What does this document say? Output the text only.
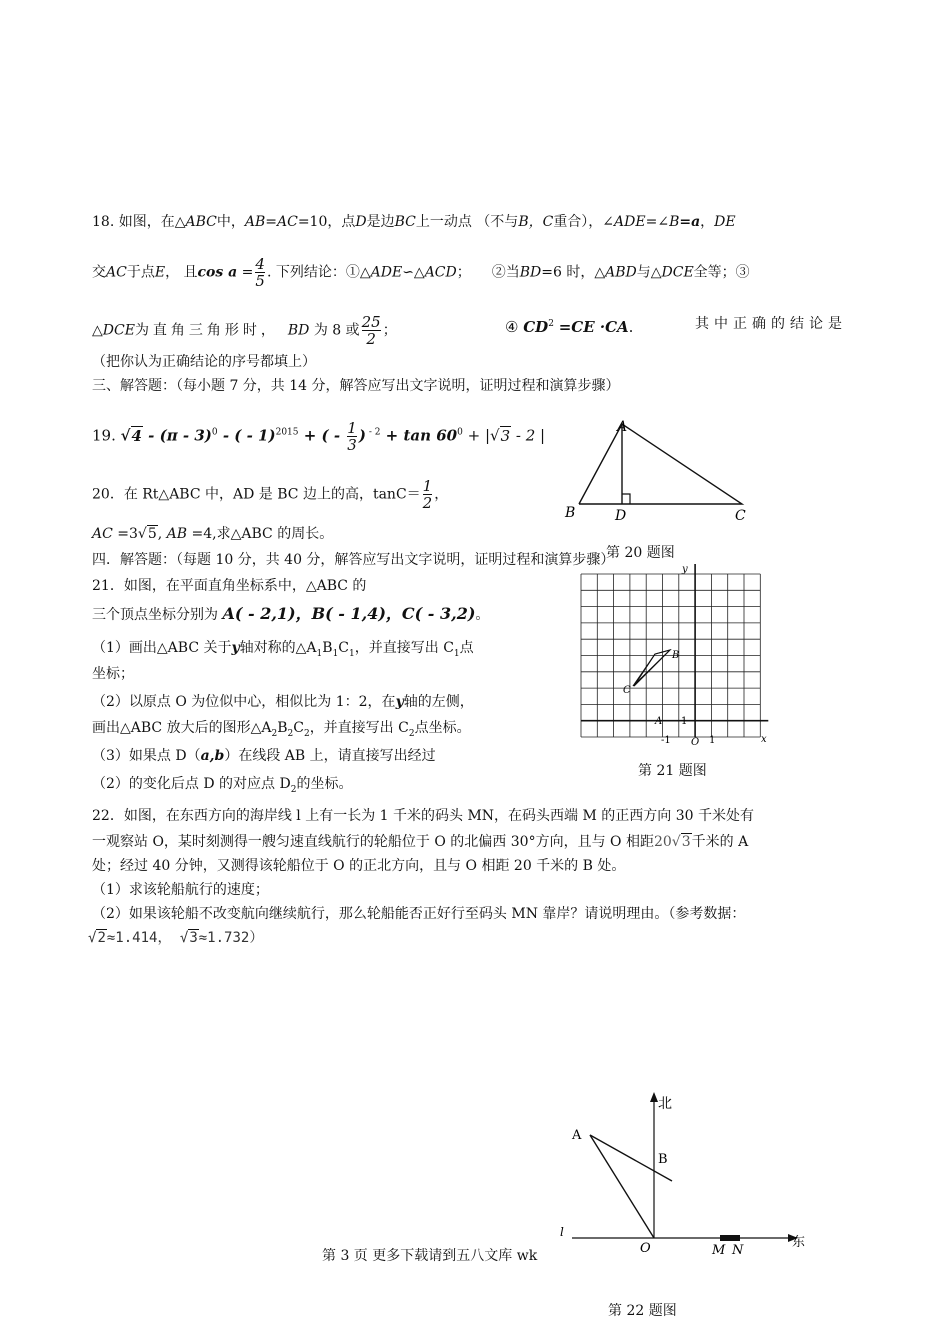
18. 如图，在△ABC中，AB=AC=10，点D是边BC上一动点 （不与B，C重合），∠ADE=∠B=a，DE
交AC于点E， 且$\cos a = \frac{4}{5}$ . 下列结论：①△ADE∽△ACD；　　②当BD=6 时，△ABD与△DCE全等；③
△DCE为直角三角形时， BD 为 8 或 $\frac{25}{2}$ ；	④ $CD^2 =CE \cdot CA$.	其中正确的结论是
（把你认为正确结论的序号都填上）
三、解答题：（每小题 7 分，共 14 分，解答应写出文字说明，证明过程和演算步骤）
19. √4 - (π - 3)$^0$ - ( - 1)$^{2015}$ + ( - $\frac{1}{3}$ ) $^{- 2} + \tan 60^0 + |√3 - 2$ |
20．在 Rt△ABC 中，AD 是 BC 边上的高，$\tan C= \frac{1}{2}$ ，
AC =3√5, AB =4,求△ABC 的周长。
A
B	D	C
第 20 题图
四．解答题：（每题 10 分，共 40 分，解答应写出文字说明，证明过程和演算步骤）
21．如图，在平面直角坐标系中，△ABC 的
三个顶点坐标分别为 A( - 2,1)，B( - 1,4)，C( - 3,2)。
（1）画出△ABC 关于y轴对称的$\triangle A_1B_1C_1$，并直接写出 $C_1$点
坐标；
（2）以原点 O 为位似中心，相似比为 1：2，在y轴的左侧，
画出△ABC 放大后的图形$\triangle A_2B_2C_2$，并直接写出 $C_2$点坐标。
（3）如果点 D（a,b）在线段 AB 上，请直接写出经过
（2）的变化后点 D 的对应点 $D_2$的坐标。
y
x
B
C
A 1
-1 O 1
第 21 题图
22．如图，在东西方向的海岸线 l 上有一长为 1 千米的码头 MN，在码头西端 M 的正西方向 30 千米处有
一观察站 O，某时刻测得一艘匀速直线航行的轮船位于 O 的北偏西 30°方向，且与 O 相距20√3千米的 A
处；经过 40 分钟，又测得该轮船位于 O 的正北方向，且与 O 相距 20 千米的 B 处。
（1）求该轮船航行的速度；
（2）如果该轮船不改变航向继续航行，那么轮船能否正好行至码头 MN 靠岸？请说明理由。（参考数据：
√2≈1.414， √3≈1.732）
北
东
A
B
O
l
M N
第 3 页 更多下载请到五八文库 wk
第 22 题图
